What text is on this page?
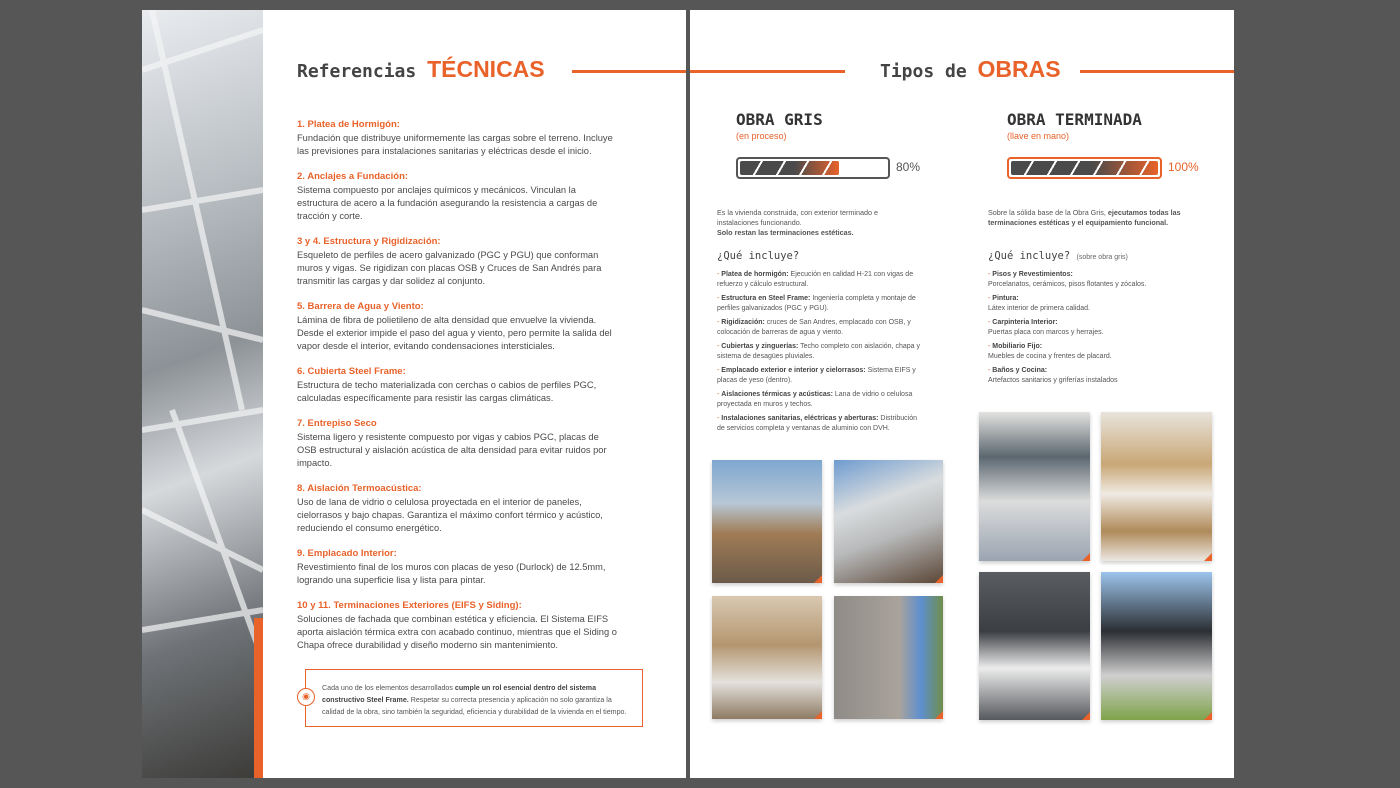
Referencias TÉCNICAS
1. Platea de Hormigón:

Fundación que distribuye uniformemente las cargas sobre el terreno. Incluye las previsiones para instalaciones sanitarias y eléctricas desde el inicio.

2. Anclajes a Fundación:

Sistema compuesto por anclajes químicos y mecánicos. Vinculan la estructura de acero a la fundación asegurando la resistencia a cargas de tracción y corte.

3 y 4. Estructura y Rigidización:

Esqueleto de perfiles de acero galvanizado (PGC y PGU) que conforman muros y vigas. Se rigidizan con placas OSB y Cruces de San Andrés para transmitir las cargas y dar solidez al conjunto.

5. Barrera de Agua y Viento:

Lámina de fibra de polietileno de alta densidad que envuelve la vivienda. Desde el exterior impide el paso del agua y viento, pero permite la salida del vapor desde el interior, evitando condensaciones intersticiales.

6. Cubierta Steel Frame:

Estructura de techo materializada con cerchas o cabios de perfiles PGC, calculadas específicamente para resistir las cargas climáticas.

7. Entrepiso Seco

Sistema ligero y resistente compuesto por vigas y cabios PGC, placas de OSB estructural y aislación acústica de alta densidad para evitar ruidos por impacto.

8. Aislación Termoacústica:

Uso de lana de vidrio o celulosa proyectada en el interior de paneles, cielorrasos y bajo chapas. Garantiza el máximo confort térmico y acústico, reduciendo el consumo energético.

9. Emplacado Interior:

Revestimiento final de los muros con placas de yeso (Durlock) de 12.5mm, logrando una superficie lisa y lista para pintar.

10 y 11. Terminaciones Exteriores (EIFS y Siding):

Soluciones de fachada que combinan estética y eficiencia. El Sistema EIFS aporta aislación térmica extra con acabado continuo, mientras que el Siding o Chapa ofrece durabilidad y diseño moderno sin mantenimiento.

◉
Cada uno de los elementos desarrollados cumple un rol esencial dentro del sistema constructivo Steel Frame. Respetar su correcta presencia y aplicación no solo garantiza la calidad de la obra, sino también la seguridad, eficiencia y durabilidad de la vivienda en el tiempo.
Tipos de OBRAS
OBRA GRIS
(en proceso)
80%
OBRA TERMINADA
(llave en mano)
100%
Es la vivienda construida, con exterior terminado e instalaciones funcionando.
Solo restan las terminaciones estéticas.
¿Qué incluye?
- Platea de hormigón: Ejecución en calidad H-21 con vigas de refuerzo y cálculo estructural.
- Estructura en Steel Frame: Ingeniería completa y montaje de perfiles galvanizados (PGC y PGU).
- Rigidización: cruces de San Andres, emplacado con OSB, y colocación de barreras de agua y viento.
- Cubiertas y zinguerías: Techo completo con aislación, chapa y sistema de desagües pluviales.
- Emplacado exterior e interior y cielorrasos: Sistema EIFS y placas de yeso (dentro).
- Aislaciones térmicas y acústicas: Lana de vidrio o celulosa proyectada en muros y techos.
- Instalaciones sanitarias, eléctricas y aberturas: Distribución de servicios completa y ventanas de aluminio con DVH.
Sobre la sólida base de la Obra Gris, ejecutamos todas las terminaciones estéticas y el equipamiento funcional.
¿Qué incluye? (sobre obra gris)
- Pisos y Revestimientos:
Porcelanatos, cerámicos, pisos flotantes y zócalos.
- Pintura:
Látex interior de primera calidad.
- Carpinteria Interior:
Puertas placa con marcos y herrajes.
- Mobiliario Fijo:
Muebles de cocina y frentes de placard.
- Baños y Cocina:
Artefactos sanitarios y griferías instalados
